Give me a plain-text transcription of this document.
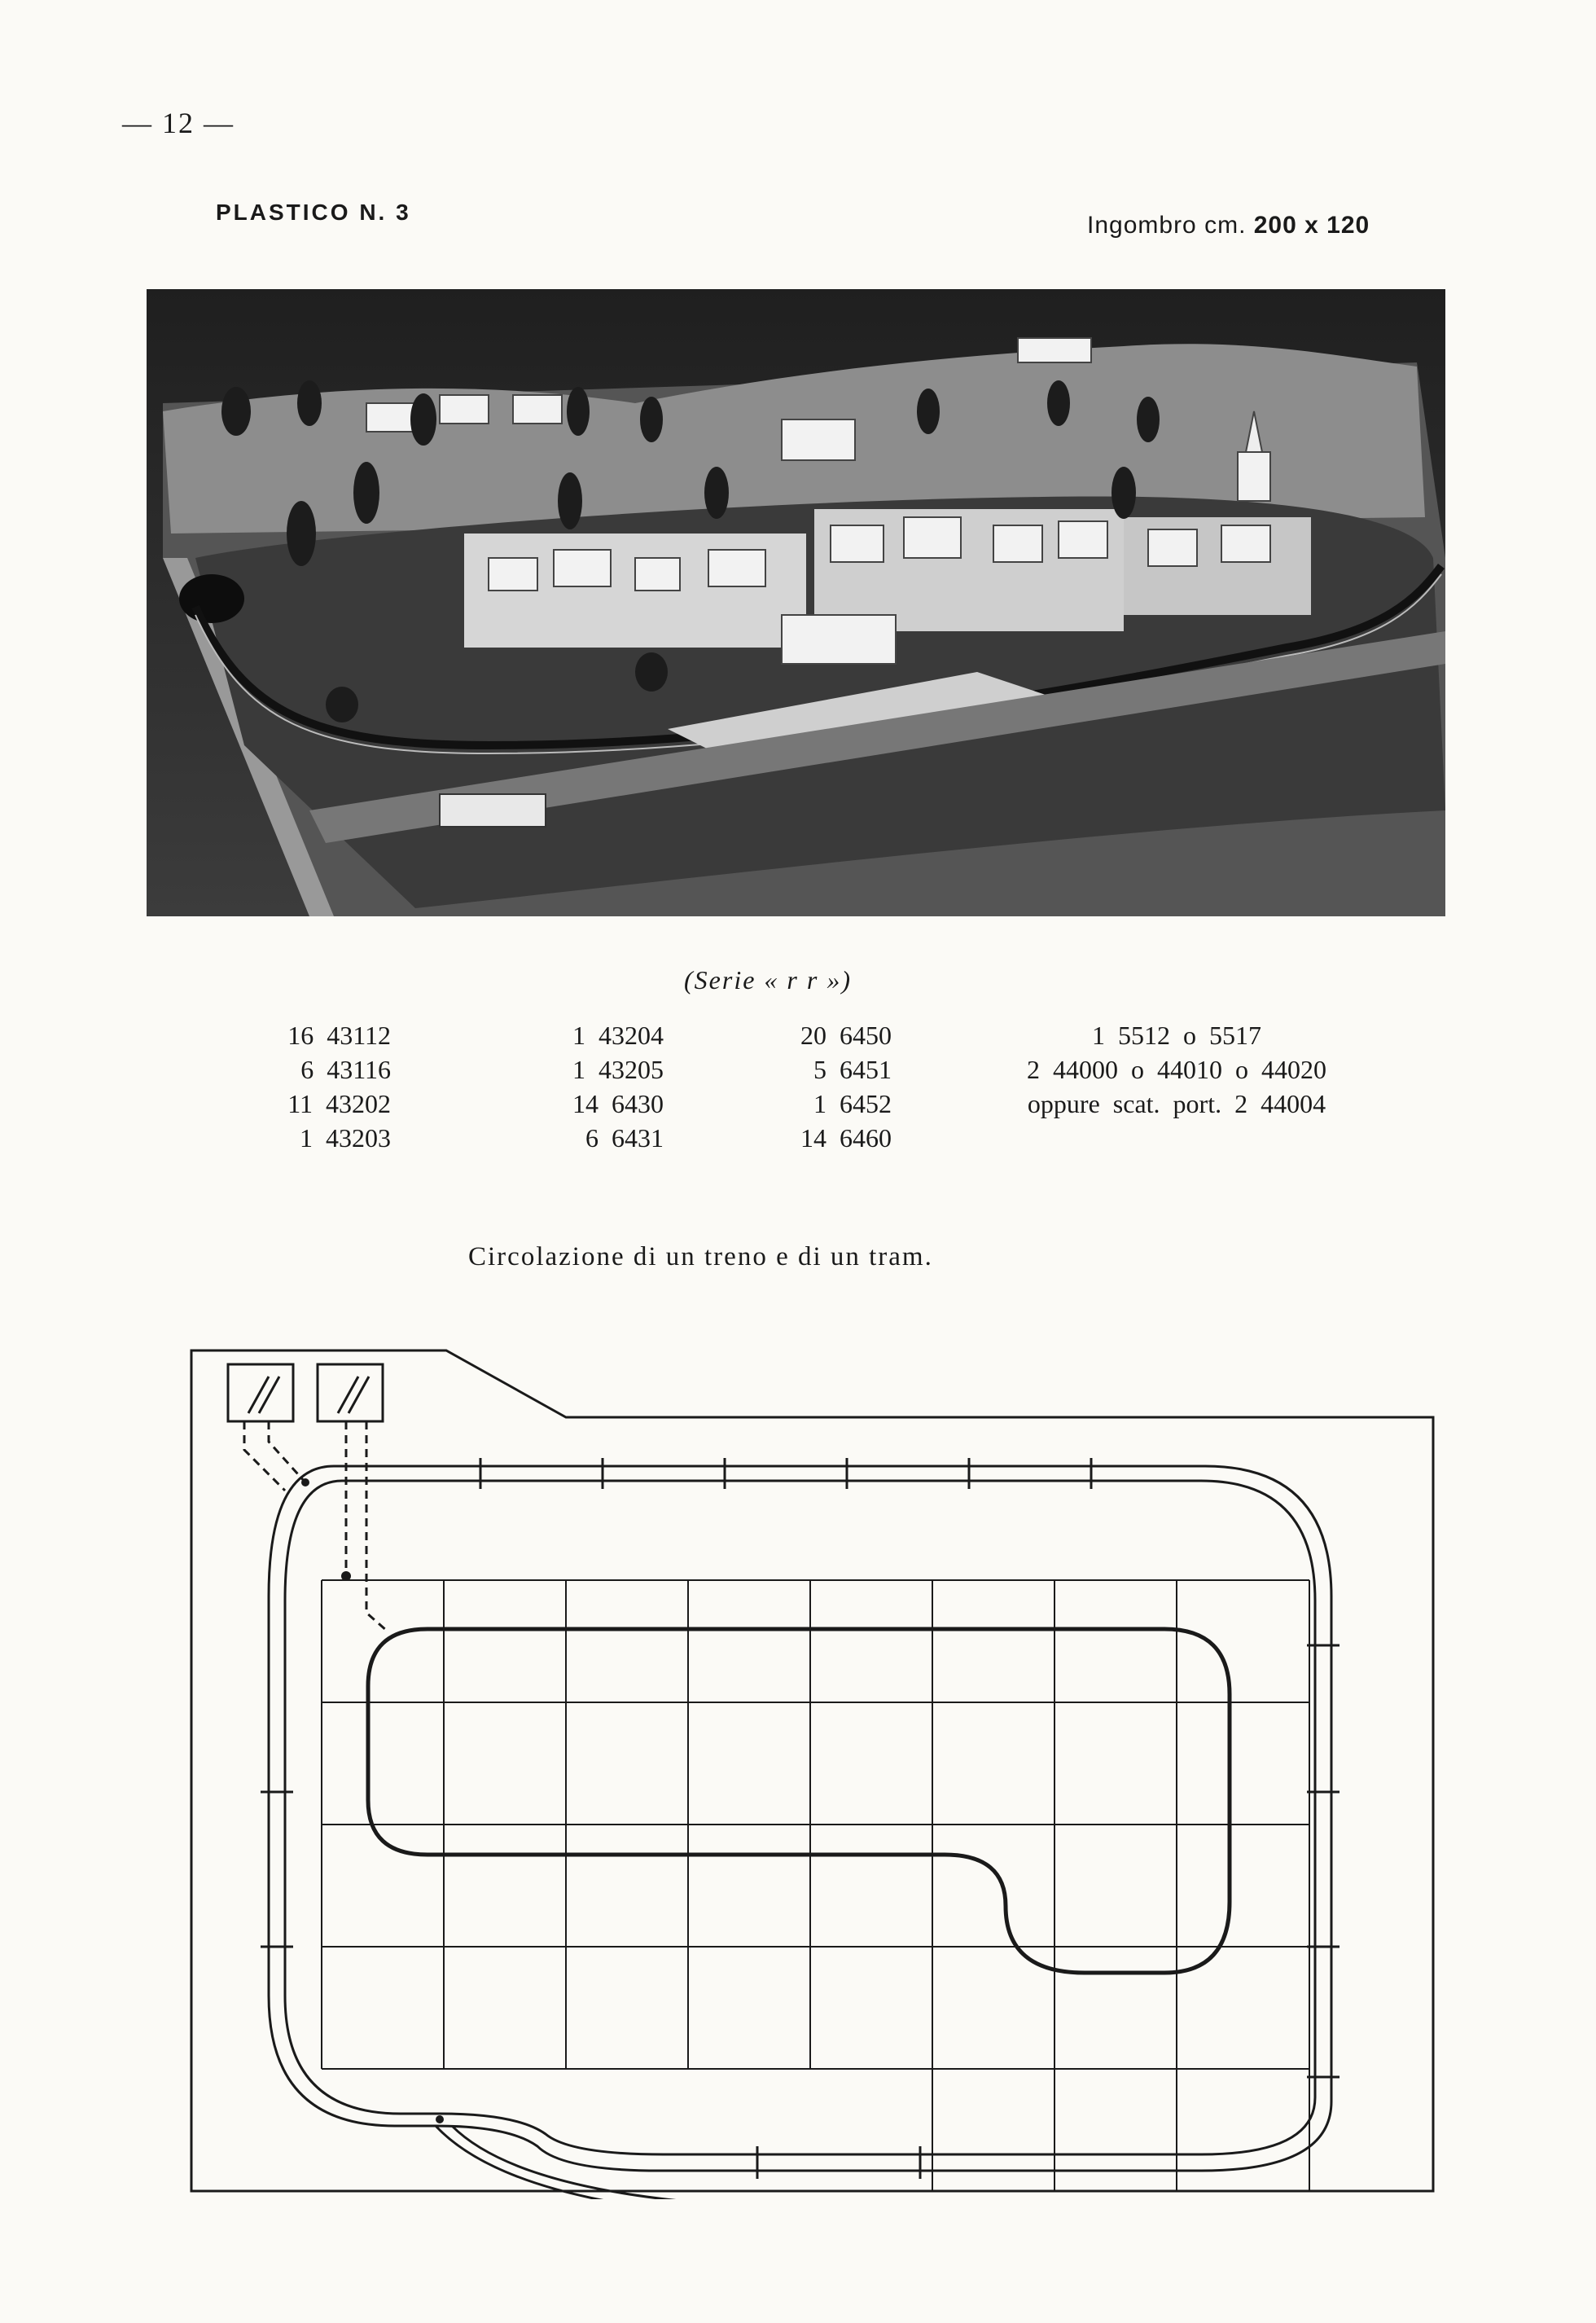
— 12 —
PLASTICO N. 3	Ingombro cm. 200 x 120
(Serie « r r »)
16  43112
6  43116
11  43202
1  43203
1  43204
1  43205
14  6430
6  6431
20  6450
5  6451
1  6452
14  6460
1  5512  o  5517
2  44000  o  44010  o  44020
oppure  scat.  port.  2  44004
Circolazione di un treno e di un tram.
